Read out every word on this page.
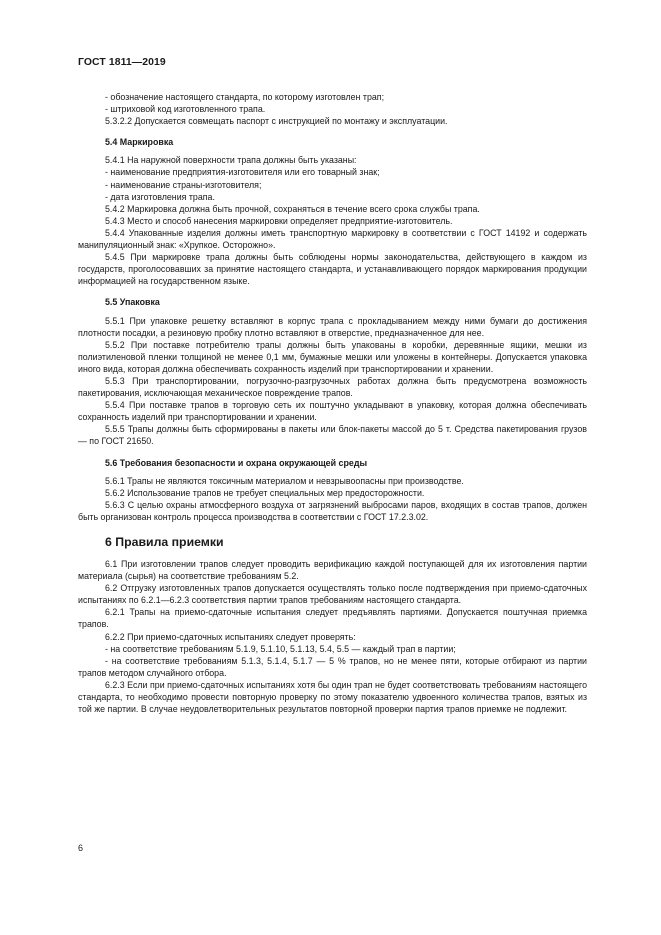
ГОСТ 1811—2019

- обозначение настоящего стандарта, по которому изготовлен трап;

- штриховой код изготовленного трапа.

5.3.2.2 Допускается совмещать паспорт с инструкцией по монтажу и эксплуатации.

5.4 Маркировка

5.4.1 На наружной поверхности трапа должны быть указаны:

- наименование предприятия-изготовителя или его товарный знак;

- наименование страны-изготовителя;

- дата изготовления трапа.

5.4.2 Маркировка должна быть прочной, сохраняться в течение всего срока службы трапа.

5.4.3 Место и способ нанесения маркировки определяет предприятие-изготовитель.

5.4.4 Упакованные изделия должны иметь транспортную маркировку в соответствии с ГОСТ 14192 и содержать манипуляционный знак: «Хрупкое. Осторожно».

5.4.5 При маркировке трапа должны быть соблюдены нормы законодательства, действующего в каждом из государств, проголосовавших за принятие настоящего стандарта, и устанавливающего порядок маркирования продукции информацией на государственном языке.

5.5 Упаковка

5.5.1 При упаковке решетку вставляют в корпус трапа с прокладыванием между ними бумаги до достижения плотности посадки, а резиновую пробку плотно вставляют в отверстие, предназначенное для нее.

5.5.2 При поставке потребителю трапы должны быть упакованы в коробки, деревянные ящики, мешки из полиэтиленовой пленки толщиной не менее 0,1 мм, бумажные мешки или уложены в контейнеры. Допускается упаковка иного вида, которая должна обеспечивать сохранность изделий при транспортировании и хранении.

5.5.3 При транспортировании, погрузочно-разгрузочных работах должна быть предусмотрена возможность пакетирования, исключающая механическое повреждение трапов.

5.5.4 При поставке трапов в торговую сеть их поштучно укладывают в упаковку, которая должна обеспечивать сохранность изделий при транспортировании и хранении.

5.5.5 Трапы должны быть сформированы в пакеты или блок-пакеты массой до 5 т. Средства пакетирования грузов — по ГОСТ 21650.

5.6 Требования безопасности и охрана окружающей среды

5.6.1 Трапы не являются токсичным материалом и невзрывоопасны при производстве.

5.6.2 Использование трапов не требует специальных мер предосторожности.

5.6.3 С целью охраны атмосферного воздуха от загрязнений выбросами паров, входящих в состав трапов, должен быть организован контроль процесса производства в соответствии с ГОСТ 17.2.3.02.

6 Правила приемки

6.1 При изготовлении трапов следует проводить верификацию каждой поступающей для их изготовления партии материала (сырья) на соответствие требованиям 5.2.

6.2 Отгрузку изготовленных трапов допускается осуществлять только после подтверждения при приемо-сдаточных испытаниях по 6.2.1—6.2.3 соответствия партии трапов требованиям настоящего стандарта.

6.2.1 Трапы на приемо-сдаточные испытания следует предъявлять партиями. Допускается поштучная приемка трапов.

6.2.2 При приемо-сдаточных испытаниях следует проверять:

- на соответствие требованиям 5.1.9, 5.1.10, 5.1.13, 5.4, 5.5 — каждый трап в партии;

- на соответствие требованиям 5.1.3, 5.1.4, 5.1.7 — 5 % трапов, но не менее пяти, которые отбирают из партии трапов методом случайного отбора.

6.2.3 Если при приемо-сдаточных испытаниях хотя бы один трап не будет соответствовать требованиям настоящего стандарта, то необходимо провести повторную проверку по этому показателю удвоенного количества трапов, взятых из той же партии. В случае неудовлетворительных результатов повторной проверки партия трапов приемке не подлежит.

6
